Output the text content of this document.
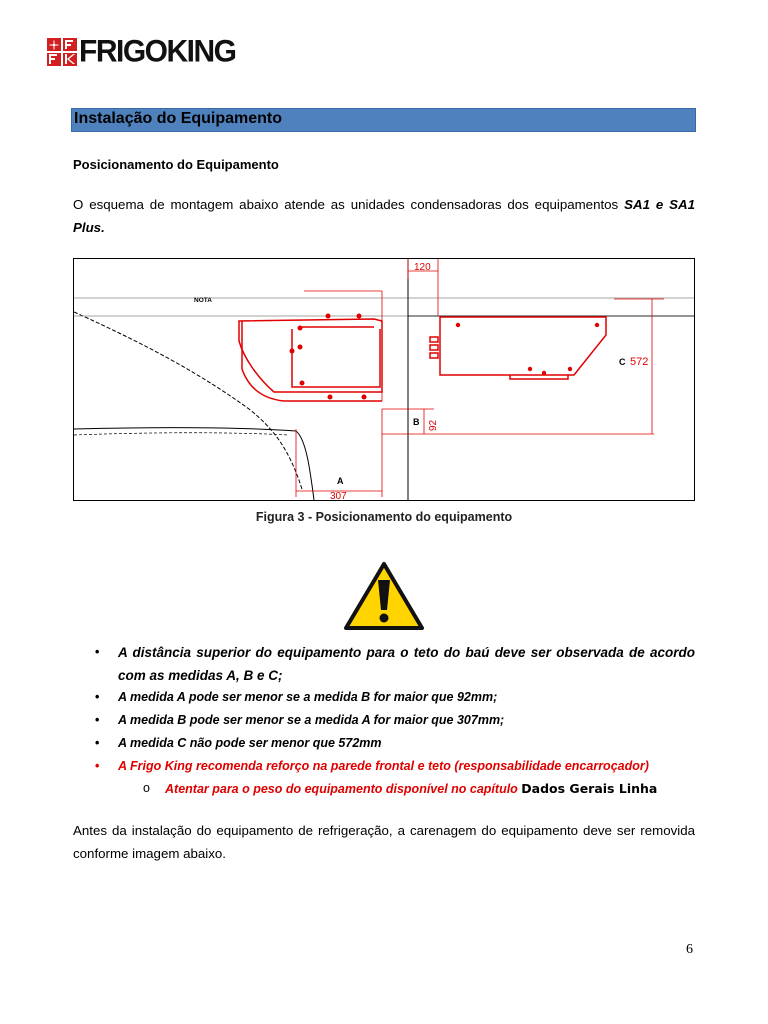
FRIGOKING
Instalação do Equipamento
Posicionamento do Equipamento
O esquema de montagem abaixo atende as unidades condensadoras dos equipamentos SA1 e SA1 Plus.
NOTA
B
A
C
120
92
307
572
Figura 3 - Posicionamento do equipamento
• A distância superior do equipamento para o teto do baú deve ser observada de acordo com as medidas A, B e C;
• A medida A pode ser menor se a medida B for maior que 92mm;
• A medida B pode ser menor se a medida A for maior que 307mm;
• A medida C não pode ser menor que 572mm
• A Frigo King recomenda reforço na parede frontal e teto (responsabilidade encarroçador)
o Atentar para o peso do equipamento disponível no capítulo Dados Gerais Linha
Antes da instalação do equipamento de refrigeração, a carenagem do equipamento deve ser removida conforme imagem abaixo.
6
